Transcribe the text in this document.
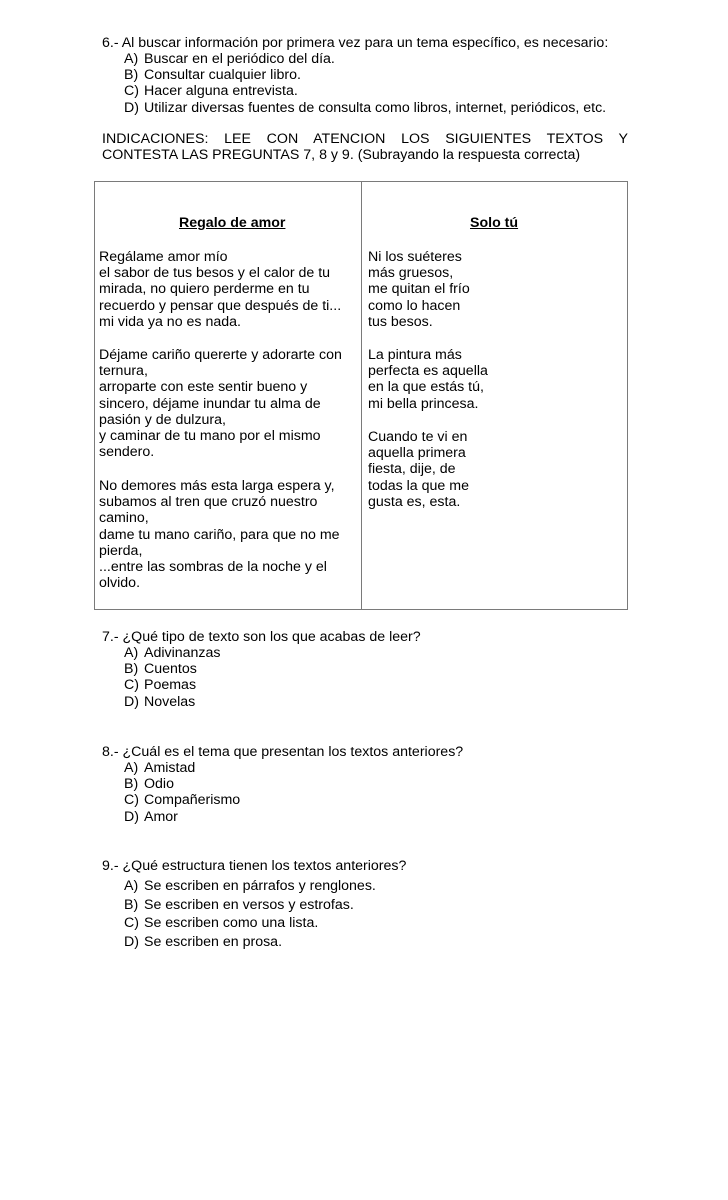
6.- Al buscar información por primera vez para un tema específico, es necesario:
A) Buscar en el periódico del día.
B) Consultar cualquier libro.
C) Hacer alguna entrevista.
D) Utilizar diversas fuentes de consulta como libros, internet, periódicos, etc.
INDICACIONES: LEE CON ATENCION LOS SIGUIENTES TEXTOS Y
CONTESTA LAS PREGUNTAS 7, 8 y 9. (Subrayando la respuesta correcta)
Regalo de amor
Regálame amor mío
el sabor de tus besos y el calor de tu
mirada, no quiero perderme en tu
recuerdo y pensar que después de ti...
mi vida ya no es nada.
Déjame cariño quererte y adorarte con
ternura,
arroparte con este sentir bueno y
sincero, déjame inundar tu alma de
pasión y de dulzura,
y caminar de tu mano por el mismo
sendero.
No demores más esta larga espera y,
subamos al tren que cruzó nuestro
camino,
dame tu mano cariño, para que no me
pierda,
...entre las sombras de la noche y el
olvido.
Solo tú
Ni los suéteres
más gruesos,
me quitan el frío
como lo hacen
tus besos.
La pintura más
perfecta es aquella
en la que estás tú,
mi bella princesa.
Cuando te vi en
aquella primera
fiesta, dije, de
todas la que me
gusta es, esta.
7.- ¿Qué tipo de texto son los que acabas de leer?
A) Adivinanzas
B) Cuentos
C) Poemas
D) Novelas
8.- ¿Cuál es el tema que presentan los textos anteriores?
A) Amistad
B) Odio
C) Compañerismo
D) Amor
9.- ¿Qué estructura tienen los textos anteriores?
A) Se escriben en párrafos y renglones.
B) Se escriben en versos y estrofas.
C) Se escriben como una lista.
D) Se escriben en prosa.
